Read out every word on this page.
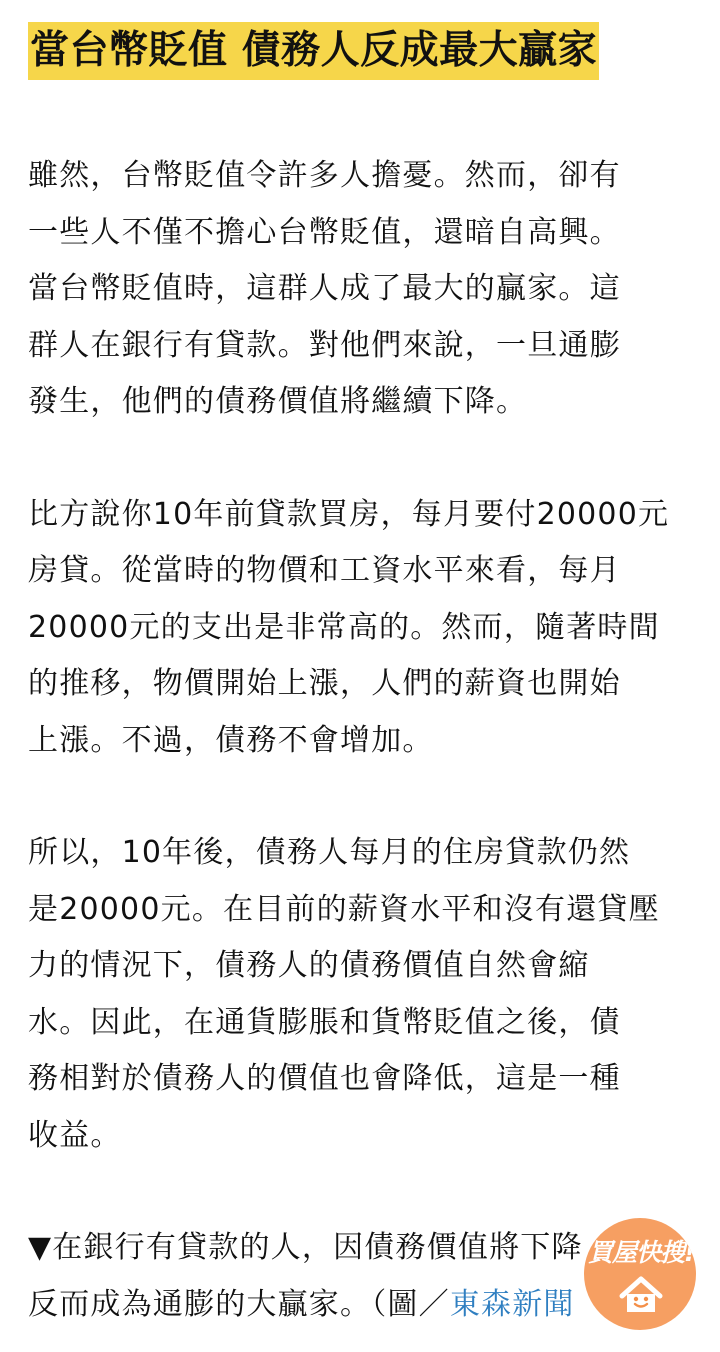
當台幣貶值 債務人反成最大贏家

雖然，台幣貶值令許多人擔憂。然而，卻有
一些人不僅不擔心台幣貶值，還暗自高興。
當台幣貶值時，這群人成了最大的贏家。這
群人在銀行有貸款。對他們來說，一旦通膨
發生，他們的債務價值將繼續下降。

比方說你10年前貸款買房，每月要付20000元
房貸。從當時的物價和工資水平來看，每月
20000元的支出是非常高的。然而，隨著時間
的推移，物價開始上漲，人們的薪資也開始
上漲。不過，債務不會增加。

所以，10年後，債務人每月的住房貸款仍然
是20000元。在目前的薪資水平和沒有還貸壓
力的情況下，債務人的債務價值自然會縮
水。因此，在通貨膨脹和貨幣貶值之後，債
務相對於債務人的價值也會降低，這是一種
收益。

▼在銀行有貸款的人，因債務價值將下降
反而成為通膨的大贏家。（圖／東森新聞

買屋快搜!
